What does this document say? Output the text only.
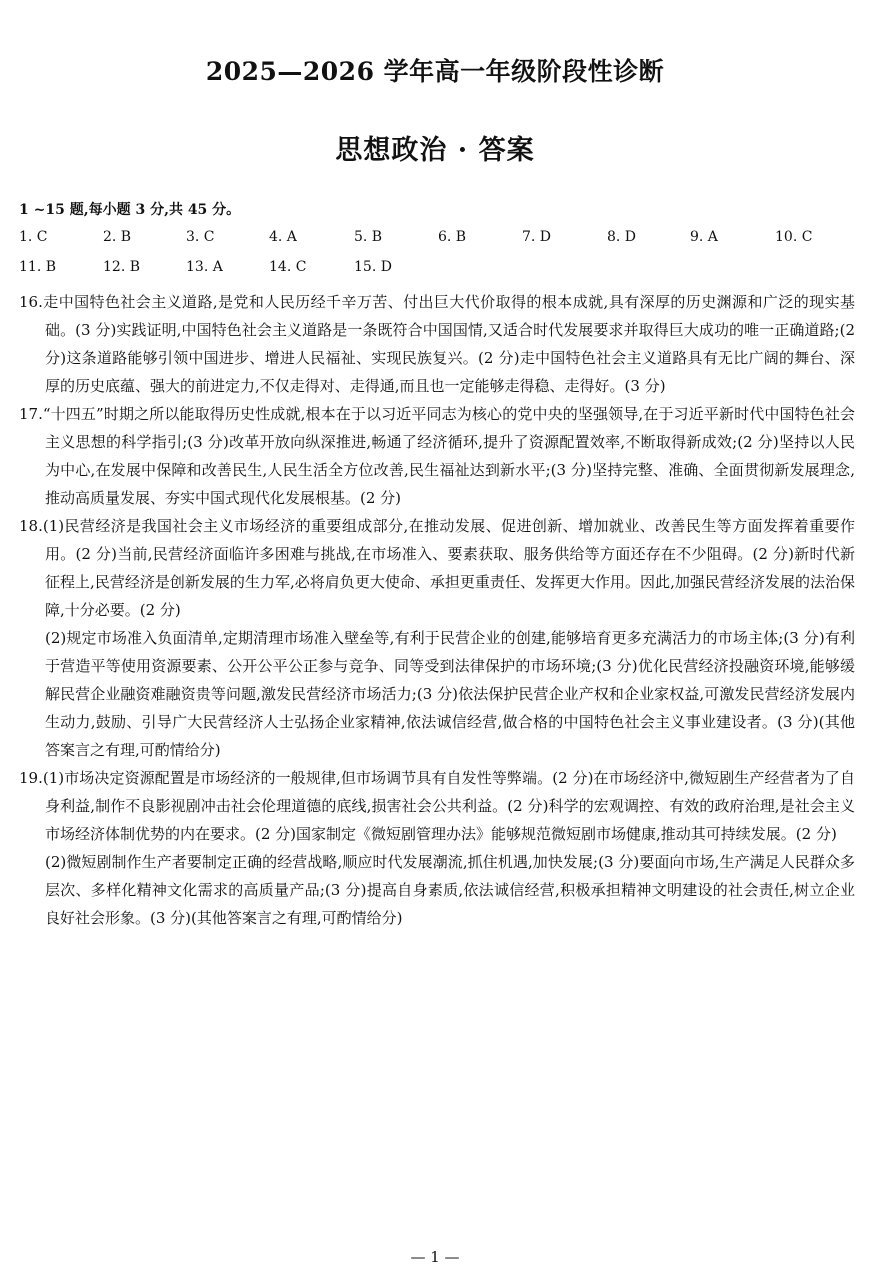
2025—2026 学年高一年级阶段性诊断
思想政治 · 答案
1 ~15 题,每小题 3 分,共 45 分。
1. C	2. B	3. C	4. A	5. B	6. B	7. D	8. D	9. A	10. C
11. B	12. B	13. A	14. C	15. D

16.走中国特色社会主义道路,是党和人民历经千辛万苦、付出巨大代价取得的根本成就,具有深厚的历史渊源和广泛的现实基础。(3 分)实践证明,中国特色社会主义道路是一条既符合中国国情,又适合时代发展要求并取得巨大成功的唯一正确道路;(2 分)这条道路能够引领中国进步、增进人民福祉、实现民族复兴。(2 分)走中国特色社会主义道路具有无比广阔的舞台、深厚的历史底蕴、强大的前进定力,不仅走得对、走得通,而且也一定能够走得稳、走得好。(3 分)

17.“十四五”时期之所以能取得历史性成就,根本在于以习近平同志为核心的党中央的坚强领导,在于习近平新时代中国特色社会主义思想的科学指引;(3 分)改革开放向纵深推进,畅通了经济循环,提升了资源配置效率,不断取得新成效;(2 分)坚持以人民为中心,在发展中保障和改善民生,人民生活全方位改善,民生福祉达到新水平;(3 分)坚持完整、准确、全面贯彻新发展理念,推动高质量发展、夯实中国式现代化发展根基。(2 分)

18.(1)民营经济是我国社会主义市场经济的重要组成部分,在推动发展、促进创新、增加就业、改善民生等方面发挥着重要作用。(2 分)当前,民营经济面临许多困难与挑战,在市场准入、要素获取、服务供给等方面还存在不少阻碍。(2 分)新时代新征程上,民营经济是创新发展的生力军,必将肩负更大使命、承担更重责任、发挥更大作用。因此,加强民营经济发展的法治保障,十分必要。(2 分)

(2)规定市场准入负面清单,定期清理市场准入壁垒等,有利于民营企业的创建,能够培育更多充满活力的市场主体;(3 分)有利于营造平等使用资源要素、公开公平公正参与竞争、同等受到法律保护的市场环境;(3 分)优化民营经济投融资环境,能够缓解民营企业融资难融资贵等问题,激发民营经济市场活力;(3 分)依法保护民营企业产权和企业家权益,可激发民营经济发展内生动力,鼓励、引导广大民营经济人士弘扬企业家精神,依法诚信经营,做合格的中国特色社会主义事业建设者。(3 分)(其他答案言之有理,可酌情给分)

19.(1)市场决定资源配置是市场经济的一般规律,但市场调节具有自发性等弊端。(2 分)在市场经济中,微短剧生产经营者为了自身利益,制作不良影视剧冲击社会伦理道德的底线,损害社会公共利益。(2 分)科学的宏观调控、有效的政府治理,是社会主义市场经济体制优势的内在要求。(2 分)国家制定《微短剧管理办法》能够规范微短剧市场健康,推动其可持续发展。(2 分)

(2)微短剧制作生产者要制定正确的经营战略,顺应时代发展潮流,抓住机遇,加快发展;(3 分)要面向市场,生产满足人民群众多层次、多样化精神文化需求的高质量产品;(3 分)提高自身素质,依法诚信经营,积极承担精神文明建设的社会责任,树立企业良好社会形象。(3 分)(其他答案言之有理,可酌情给分)

— 1 —
